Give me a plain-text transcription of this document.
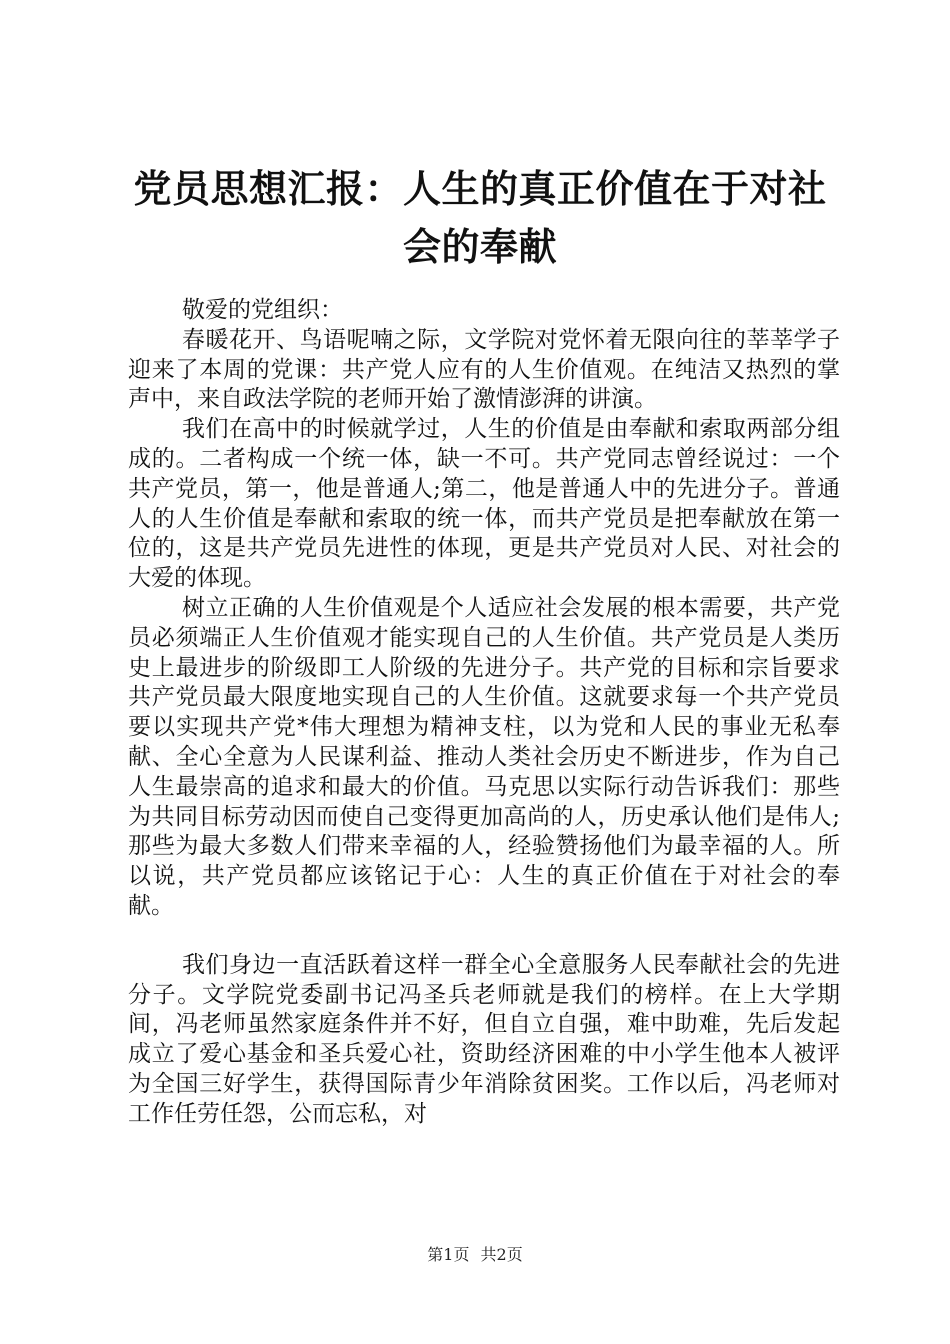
党员思想汇报：人生的真正价值在于对社会的奉献

敬爱的党组织：

春暖花开、鸟语呢喃之际，文学院对党怀着无限向往的莘莘学子迎来了本周的党课：共产党人应有的人生价值观。在纯洁又热烈的掌声中，来自政法学院的老师开始了激情澎湃的讲演。

我们在高中的时候就学过，人生的价值是由奉献和索取两部分组成的。二者构成一个统一体，缺一不可。共产党同志曾经说过：一个共产党员，第一，他是普通人;第二，他是普通人中的先进分子。普通人的人生价值是奉献和索取的统一体，而共产党员是把奉献放在第一位的，这是共产党员先进性的体现，更是共产党员对人民、对社会的大爱的体现。

树立正确的人生价值观是个人适应社会发展的根本需要，共产党员必须端正人生价值观才能实现自己的人生价值。共产党员是人类历史上最进步的阶级即工人阶级的先进分子。共产党的目标和宗旨要求共产党员最大限度地实现自己的人生价值。这就要求每一个共产党员要以实现共产党*伟大理想为精神支柱，以为党和人民的事业无私奉献、全心全意为人民谋利益、推动人类社会历史不断进步，作为自己人生最崇高的追求和最大的价值。马克思以实际行动告诉我们：那些为共同目标劳动因而使自己变得更加高尚的人，历史承认他们是伟人;那些为最大多数人们带来幸福的人，经验赞扬他们为最幸福的人。所以说，共产党员都应该铭记于心：人生的真正价值在于对社会的奉献。

我们身边一直活跃着这样一群全心全意服务人民奉献社会的先进分子。文学院党委副书记冯圣兵老师就是我们的榜样。在上大学期间，冯老师虽然家庭条件并不好，但自立自强，难中助难，先后发起成立了爱心基金和圣兵爱心社，资助经济困难的中小学生他本人被评为全国三好学生，获得国际青少年消除贫困奖。工作以后，冯老师对工作任劳任怨，公而忘私，对

第1页 共2页
